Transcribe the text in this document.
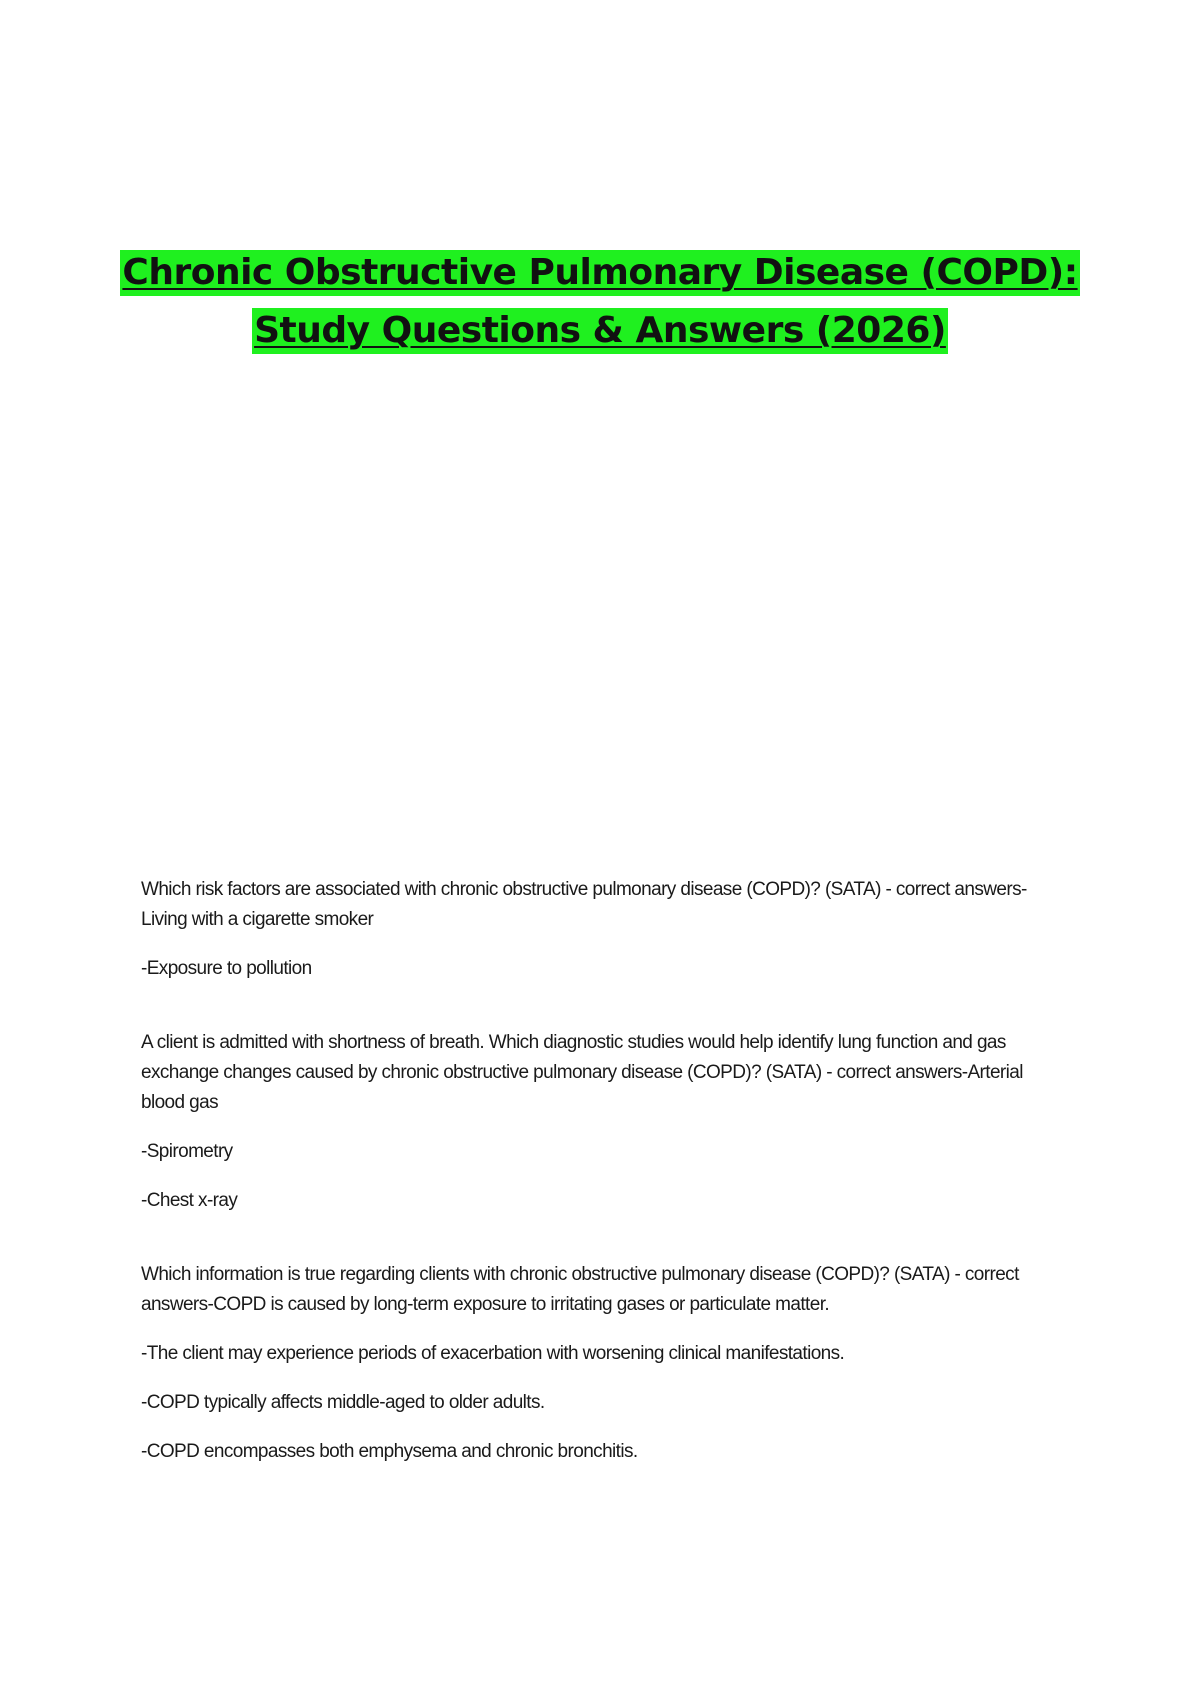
Chronic Obstructive Pulmonary Disease (COPD):
Study Questions & Answers (2026)

Which risk factors are associated with chronic obstructive pulmonary disease (COPD)? (SATA) - correct answers-Living with a cigarette smoker

-Exposure to pollution

A client is admitted with shortness of breath. Which diagnostic studies would help identify lung function and gas exchange changes caused by chronic obstructive pulmonary disease (COPD)? (SATA) - correct answers-Arterial blood gas

-Spirometry

-Chest x-ray

Which information is true regarding clients with chronic obstructive pulmonary disease (COPD)? (SATA) - correct answers-COPD is caused by long-term exposure to irritating gases or particulate matter.

-The client may experience periods of exacerbation with worsening clinical manifestations.

-COPD typically affects middle-aged to older adults.

-COPD encompasses both emphysema and chronic bronchitis.
